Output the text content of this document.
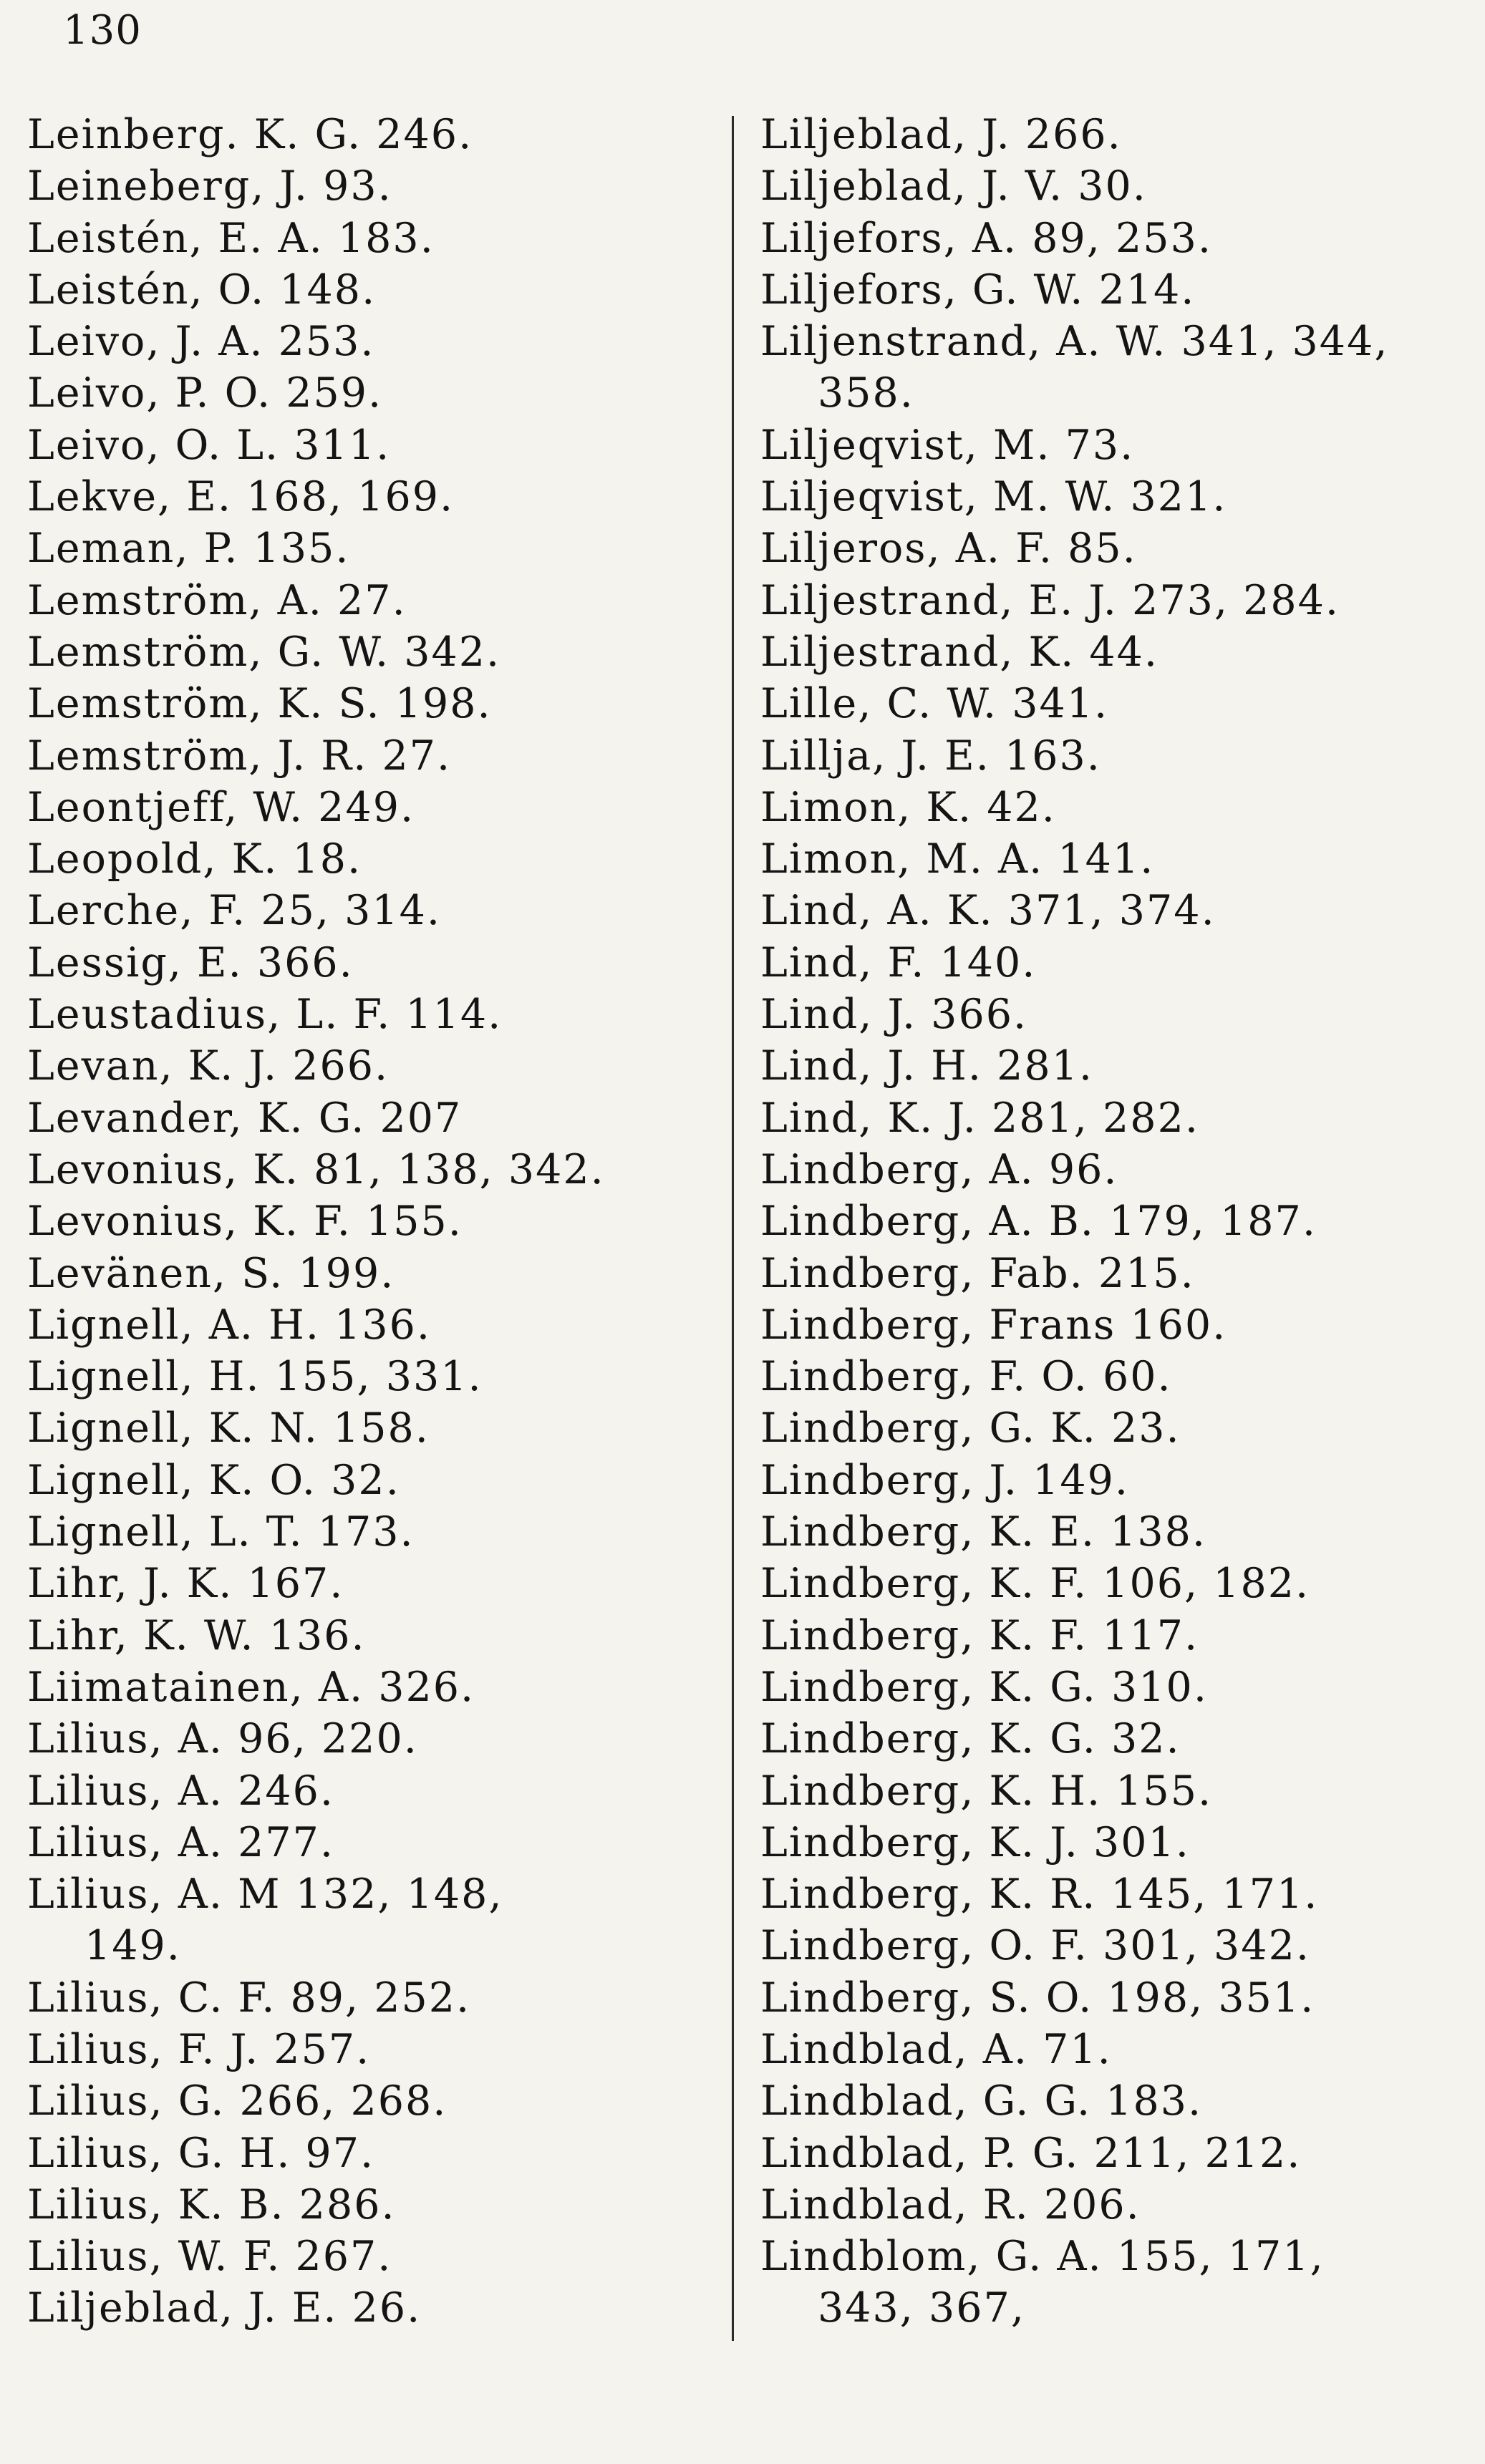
130

Leinberg. K. G. 246.
Leineberg, J. 93.
Leistén, E. A. 183.
Leistén, O. 148.
Leivo, J. A. 253.
Leivo, P. O. 259.
Leivo, O. L. 311.
Lekve, E. 168, 169.
Leman, P. 135.
Lemström, A. 27.
Lemström, G. W. 342.
Lemström, K. S. 198.
Lemström, J. R. 27.
Leontjeff, W. 249.
Leopold, K. 18.
Lerche, F. 25, 314.
Lessig, E. 366.
Leustadius, L. F. 114.
Levan, K. J. 266.
Levander, K. G. 207
Levonius, K. 81, 138, 342.
Levonius, K. F. 155.
Levänen, S. 199.
Lignell, A. H. 136.
Lignell, H. 155, 331.
Lignell, K. N. 158.
Lignell, K. O. 32.
Lignell, L. T. 173.
Lihr, J. K. 167.
Lihr, K. W. 136.
Liimatainen, A. 326.
Lilius, A. 96, 220.
Lilius, A. 246.
Lilius, A. 277.
Lilius, A. M 132, 148,
149.
Lilius, C. F. 89, 252.
Lilius, F. J. 257.
Lilius, G. 266, 268.
Lilius, G. H. 97.
Lilius, K. B. 286.
Lilius, W. F. 267.
Liljeblad, J. E. 26.
Liljeblad, J. 266.
Liljeblad, J. V. 30.
Liljefors, A. 89, 253.
Liljefors, G. W. 214.
Liljenstrand, A. W. 341, 344,
358.
Liljeqvist, M. 73.
Liljeqvist, M. W. 321.
Liljeros, A. F. 85.
Liljestrand, E. J. 273, 284.
Liljestrand, K. 44.
Lille, C. W. 341.
Lillja, J. E. 163.
Limon, K. 42.
Limon, M. A. 141.
Lind, A. K. 371, 374.
Lind, F. 140.
Lind, J. 366.
Lind, J. H. 281.
Lind, K. J. 281, 282.
Lindberg, A. 96.
Lindberg, A. B. 179, 187.
Lindberg, Fab. 215.
Lindberg, Frans 160.
Lindberg, F. O. 60.
Lindberg, G. K. 23.
Lindberg, J. 149.
Lindberg, K. E. 138.
Lindberg, K. F. 106, 182.
Lindberg, K. F. 117.
Lindberg, K. G. 310.
Lindberg, K. G. 32.
Lindberg, K. H. 155.
Lindberg, K. J. 301.
Lindberg, K. R. 145, 171.
Lindberg, O. F. 301, 342.
Lindberg, S. O. 198, 351.
Lindblad, A. 71.
Lindblad, G. G. 183.
Lindblad, P. G. 211, 212.
Lindblad, R. 206.
Lindblom, G. A. 155, 171,
343, 367,
